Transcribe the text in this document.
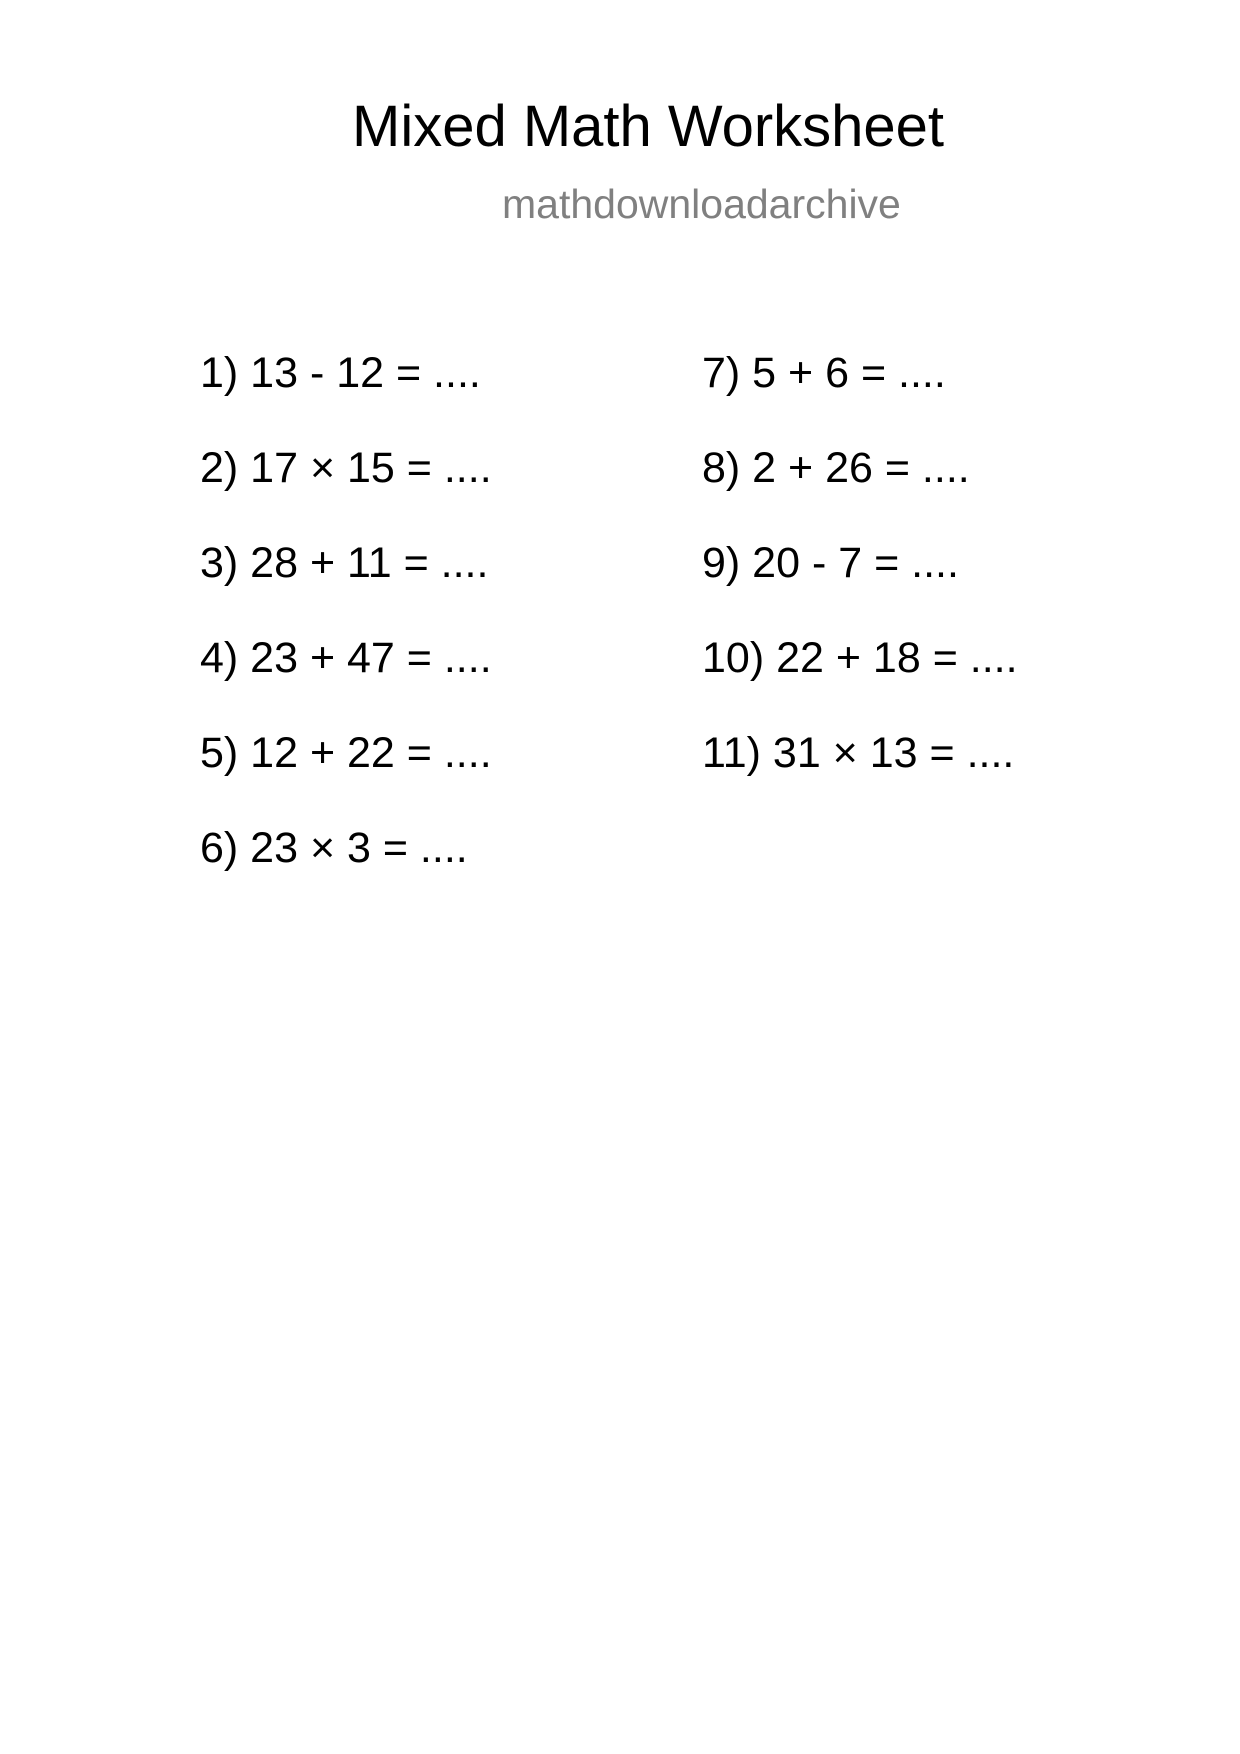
Mixed Math Worksheet
mathdownloadarchive
1) 13 - 12 = ....
2) 17 × 15 = ....
3) 28 + 11 = ....
4) 23 + 47 = ....
5) 12 + 22 = ....
6) 23 × 3 = ....
7) 5 + 6 = ....
8) 2 + 26 = ....
9) 20 - 7 = ....
10) 22 + 18 = ....
11) 31 × 13 = ....
